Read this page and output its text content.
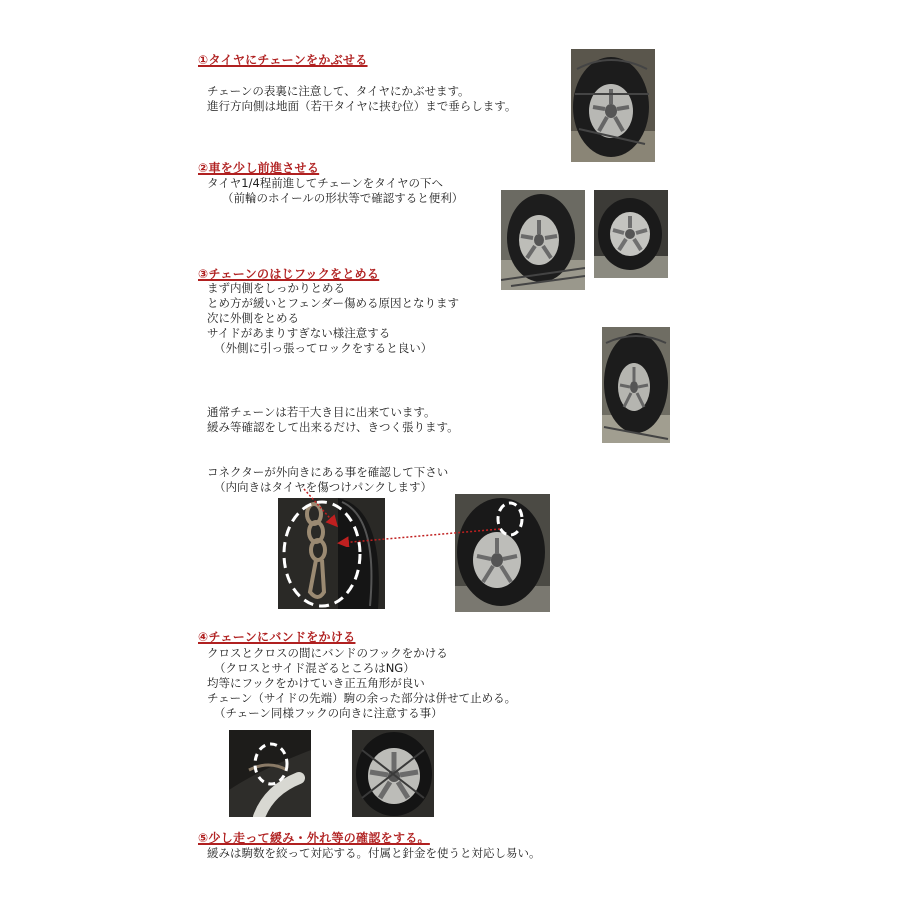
①タイヤにチェーンをかぶせる

チェーンの表裏に注意して、タイヤにかぶせます。

進行方向側は地面（若干タイヤに挟む位）まで垂らします。

②車を少し前進させる

タイヤ1/4程前進してチェーンをタイヤの下へ

（前輪のホイールの形状等で確認すると便利）

③チェーンのはじフックをとめる

まず内側をしっかりとめる

とめ方が緩いとフェンダー傷める原因となります

次に外側をとめる

サイドがあまりすぎない様注意する

（外側に引っ張ってロックをすると良い）

通常チェーンは若干大き目に出来ています。

緩み等確認をして出来るだけ、きつく張ります。

コネクターが外向きにある事を確認して下さい

（内向きはタイヤを傷つけパンクします）

④チェーンにバンドをかける

クロスとクロスの間にバンドのフックをかける

（クロスとサイド混ざるところはNG）

均等にフックをかけていき正五角形が良い

チェーン（サイドの先端）駒の余った部分は併せて止める。

（チェーン同様フックの向きに注意する事）

⑤少し走って緩み・外れ等の確認をする。

緩みは駒数を絞って対応する。付属と針金を使うと対応し易い。
